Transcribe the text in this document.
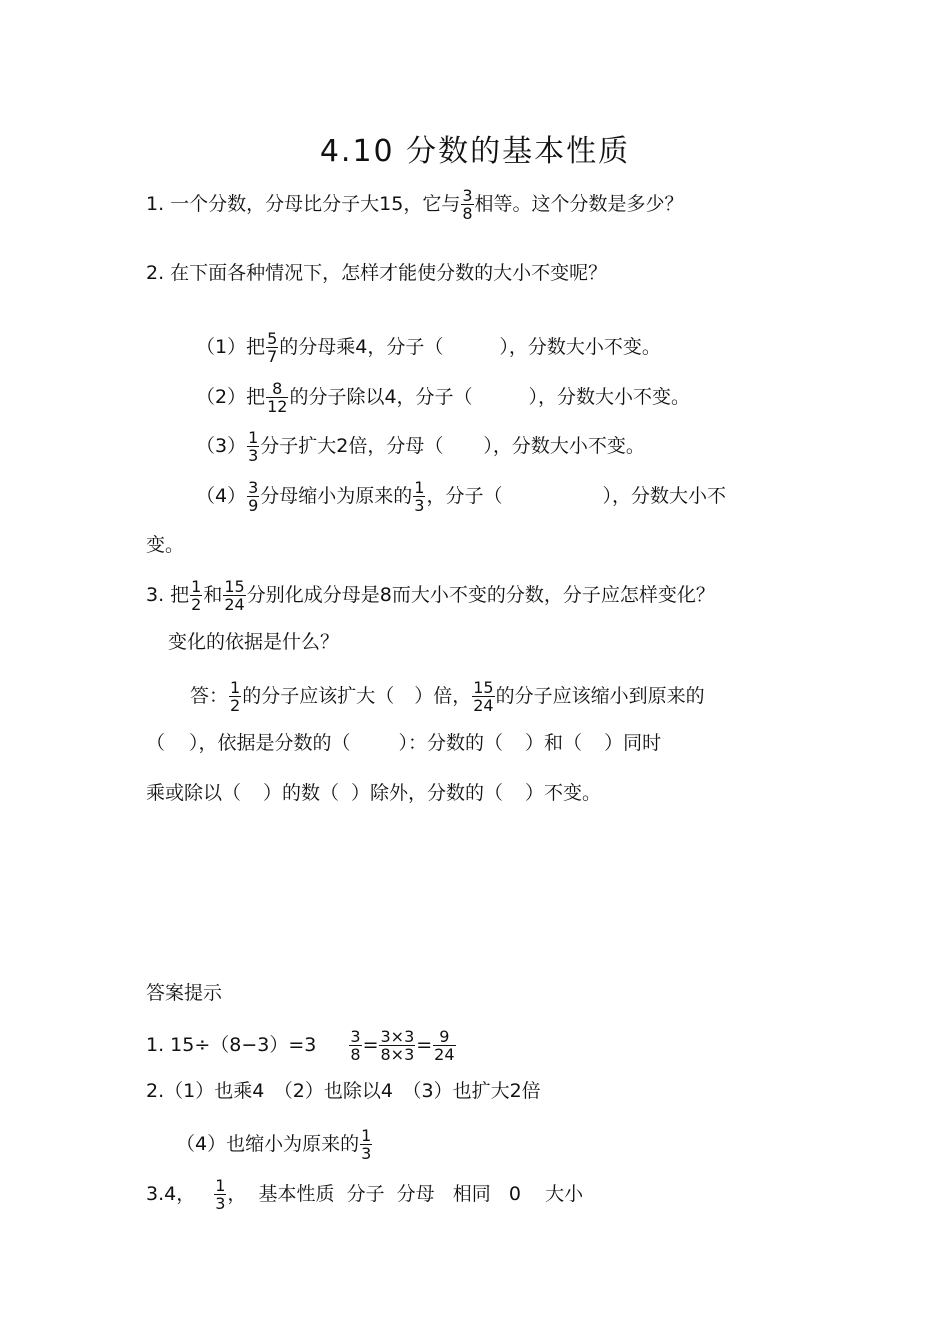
4.10 分数的基本性质
1. 一个分数，分母比分子大15，它与 $\frac{3}{8}$ 相等。这个分数是多少？
2. 在下面各种情况下，怎样才能使分数的大小不变呢？
（1）把 $\frac{5}{7}$ 的分母乘4，分子（	），分数大小不变。
（2）把 $\frac{8}{12}$ 的分子除以4，分子（	），分数大小不变。
$(3) \frac{1}{3}$ 分子扩大2倍，分母（ ），分数大小不变。
$(4) \frac{3}{9}$ 分母缩小为原来的 $\frac{1}{3}$ ，分子（	），分数大小不
变。
3. 把 $\frac{1}{2}$ 和 $\frac{15}{24}$ 分别化成分母是8而大小不变的分数，分子应怎样变化？
变化的依据是什么？
答： $\frac{1}{2}$ 的分子应该扩大（ ）倍， $\frac{15}{24}$ 的分子应该缩小到原来的
（ ），依据是分数的（	）：分数的（ ）和（ ）同时
乘或除以（ ）的数（ ）除外，分数的（ ）不变。
答案提示
1. $15\div(8-3)=3 \frac{3}{8} = \frac{3\times 3}{8\times 3} = \frac{9}{24}$
2.（1）也乘4　（2）也除以4　（3）也扩大2倍
（4）也缩小为原来的 $\frac{1}{3}$
3.4， $\frac{1}{3}$ ，  基本性质  分子  分母   相同   0    大小
